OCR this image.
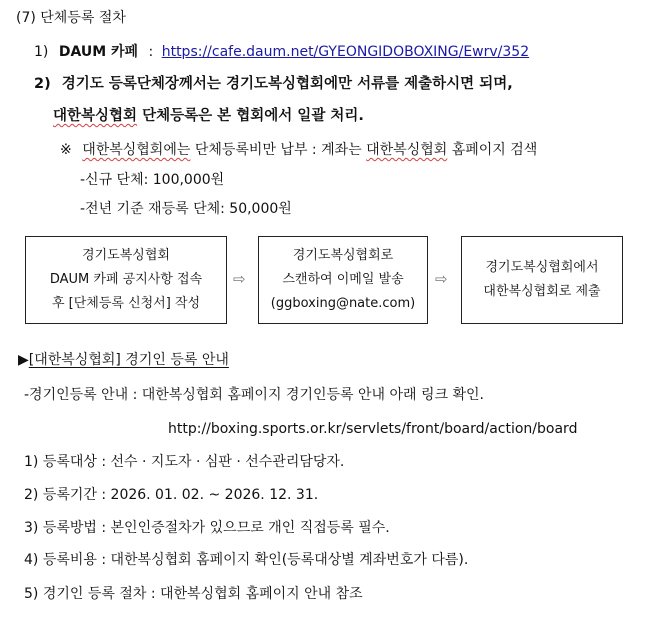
(7) 단체등록 절차
1) DAUM 카페 : https://cafe.daum.net/GYEONGIDOBOXING/Ewrv/352
2) 경기도 등록단체장께서는 경기도복싱협회에만 서류를 제출하시면 되며,
대한복싱협회 단체등록은 본 협회에서 일괄 처리.
※ 대한복싱협회에는 단체등록비만 납부 : 계좌는 대한복싱협회 홈페이지 검색
-신규 단체: 100,000원
-전년 기준 재등록 단체: 50,000원
경기도복싱협회
DAUM 카페 공지사항 접속
후 [단체등록 신청서] 작성
⇨
경기도복싱협회로
스캔하여 이메일 발송
(ggboxing@nate.com)
⇨
경기도복싱협회에서
대한복싱협회로 제출
▶[대한복싱협회] 경기인 등록 안내
-경기인등록 안내 : 대한복싱협회 홈페이지 경기인등록 안내 아래 링크 확인.
http://boxing.sports.or.kr/servlets/front/board/action/board
1) 등록대상 : 선수 · 지도자 · 심판 · 선수관리담당자.
2) 등록기간 : 2026. 01. 02. ~ 2026. 12. 31.
3) 등록방법 : 본인인증절차가 있으므로 개인 직접등록 필수.
4) 등록비용 : 대한복싱협회 홈페이지 확인(등록대상별 계좌번호가 다름).
5) 경기인 등록 절차 : 대한복싱협회 홈페이지 안내 참조
